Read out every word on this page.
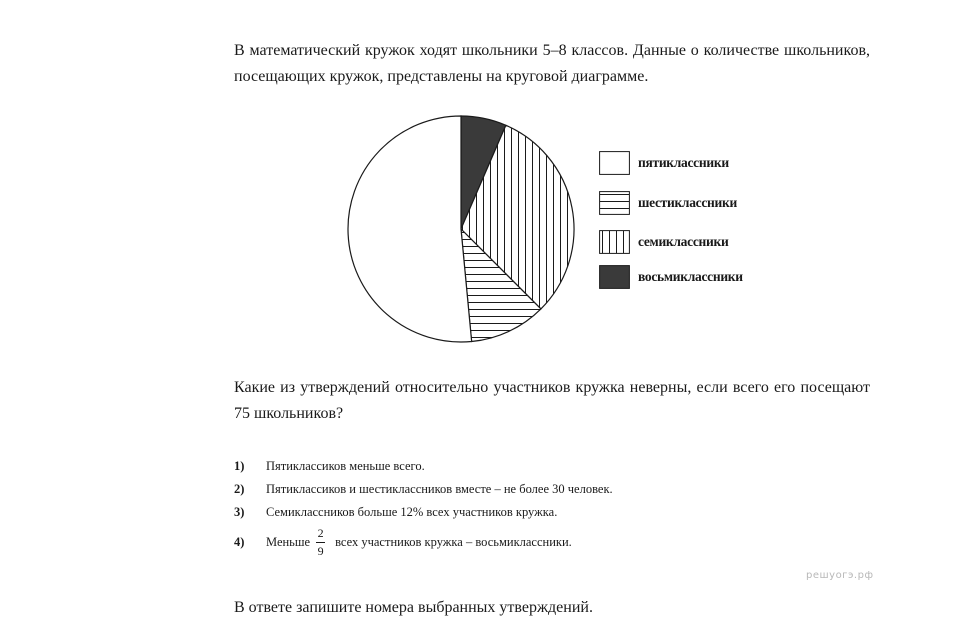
В математический кружок ходят школьники 5–8 классов. Данные о количестве школьников, посещающих кружок, представлены на круговой диаграмме.
пятиклассники
шестиклассники
семиклассники
восьмиклассники
Какие из утверждений относительно участников кружка неверны, если всего его посещают 75 школьников?
1)	Пятиклассиков меньше всего.
2)	Пятиклассиков и шестиклассников вместе – не более 30 человек.
3)	Семиклассников больше 12% всех участников кружка.
4)	Меньше $\frac{2}{9}$ всех участников кружка – восьмиклассники.
решуогэ.рф
В ответе запишите номера выбранных утверждений.
